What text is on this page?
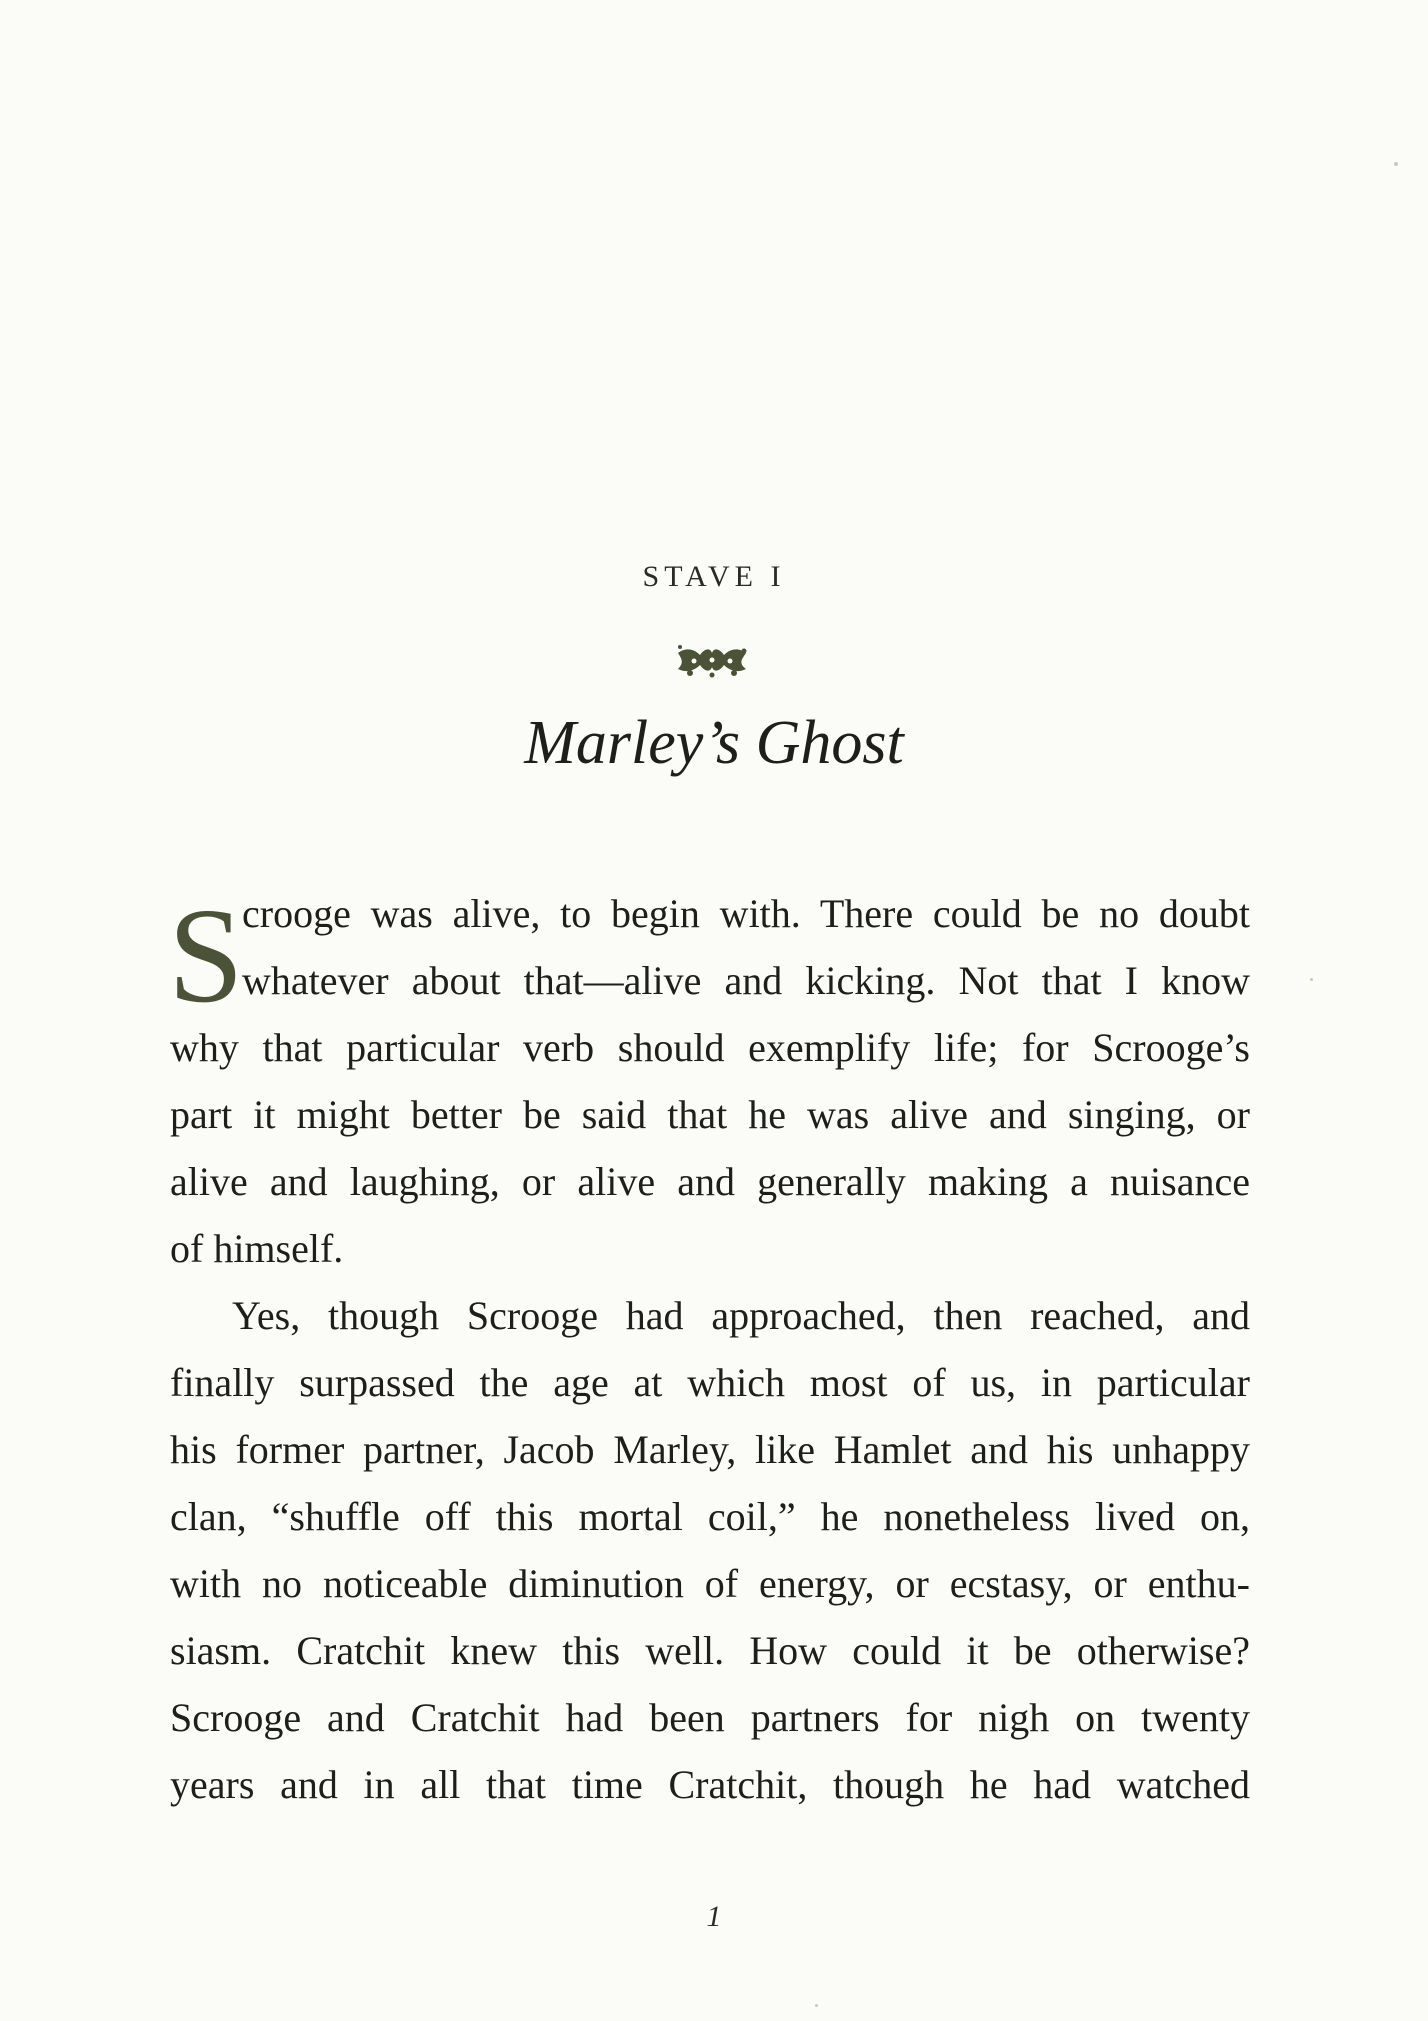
STAVE I
Marley’s Ghost
S

crooge was alive, to begin with. There could be no doubt
whatever about that—alive and kicking. Not that I know
why that particular verb should exemplify life; for Scrooge’s
part it might better be said that he was alive and singing, or
alive and laughing, or alive and generally making a nuisance
of himself.

Yes, though Scrooge had approached, then reached, and
finally surpassed the age at which most of us, in particular
his former partner, Jacob Marley, like Hamlet and his unhappy
clan, “shuffle off this mortal coil,” he nonetheless lived on,
with no noticeable diminution of energy, or ecstasy, or enthu-
siasm. Cratchit knew this well. How could it be otherwise?
Scrooge and Cratchit had been partners for nigh on twenty
years and in all that time Cratchit, though he had watched

1
